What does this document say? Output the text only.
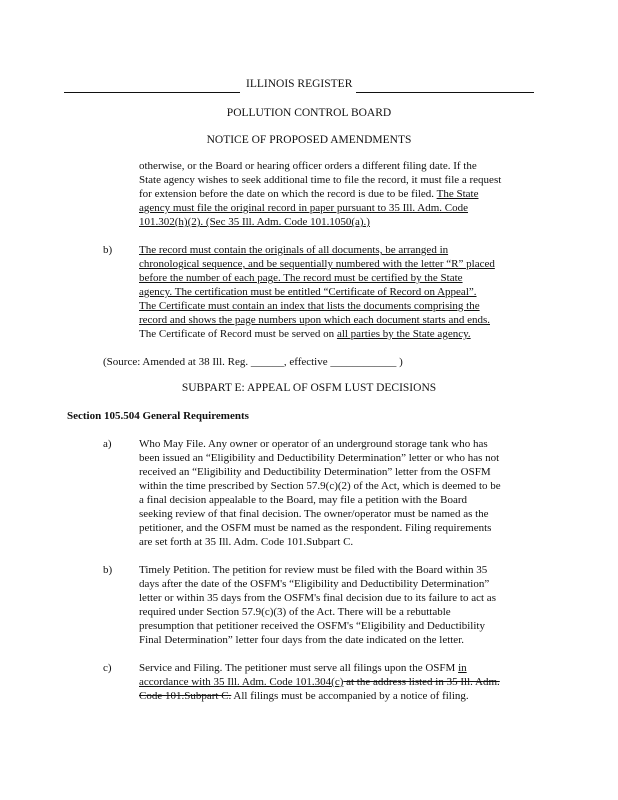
ILLINOIS REGISTER
POLLUTION CONTROL BOARD
NOTICE OF PROPOSED AMENDMENTS
otherwise, or the Board or hearing officer orders a different filing date. If the
State agency wishes to seek additional time to file the record, it must file a request
for extension before the date on which the record is due to be filed. The State
agency must file the original record in paper pursuant to 35 Ill. Adm. Code
101.302(h)(2). (Sec 35 Ill. Adm. Code 101.1050(a).)
b) The record must contain the originals of all documents, be arranged in
chronological sequence, and be sequentially numbered with the letter “R” placed
before the number of each page. The record must be certified by the State
agency. The certification must be entitled “Certificate of Record on Appeal”.
The Certificate must contain an index that lists the documents comprising the
record and shows the page numbers upon which each document starts and ends.
The Certificate of Record must be served on all parties by the State agency.
(Source: Amended at 38 Ill. Reg. ______, effective ____________ )
SUBPART E: APPEAL OF OSFM LUST DECISIONS
Section 105.504 General Requirements
a) Who May File. Any owner or operator of an underground storage tank who has
been issued an “Eligibility and Deductibility Determination” letter or who has not
received an “Eligibility and Deductibility Determination” letter from the OSFM
within the time prescribed by Section 57.9(c)(2) of the Act, which is deemed to be
a final decision appealable to the Board, may file a petition with the Board
seeking review of that final decision. The owner/operator must be named as the
petitioner, and the OSFM must be named as the respondent. Filing requirements
are set forth at 35 Ill. Adm. Code 101.Subpart C.
b) Timely Petition. The petition for review must be filed with the Board within 35
days after the date of the OSFM's “Eligibility and Deductibility Determination”
letter or within 35 days from the OSFM's final decision due to its failure to act as
required under Section 57.9(c)(3) of the Act. There will be a rebuttable
presumption that petitioner received the OSFM's “Eligibility and Deductibility
Final Determination” letter four days from the date indicated on the letter.
c) Service and Filing. The petitioner must serve all filings upon the OSFM in
accordance with 35 Ill. Adm. Code 101.304(c) at the address listed in 35 Ill. Adm.
Code 101.Subpart C. All filings must be accompanied by a notice of filing.
